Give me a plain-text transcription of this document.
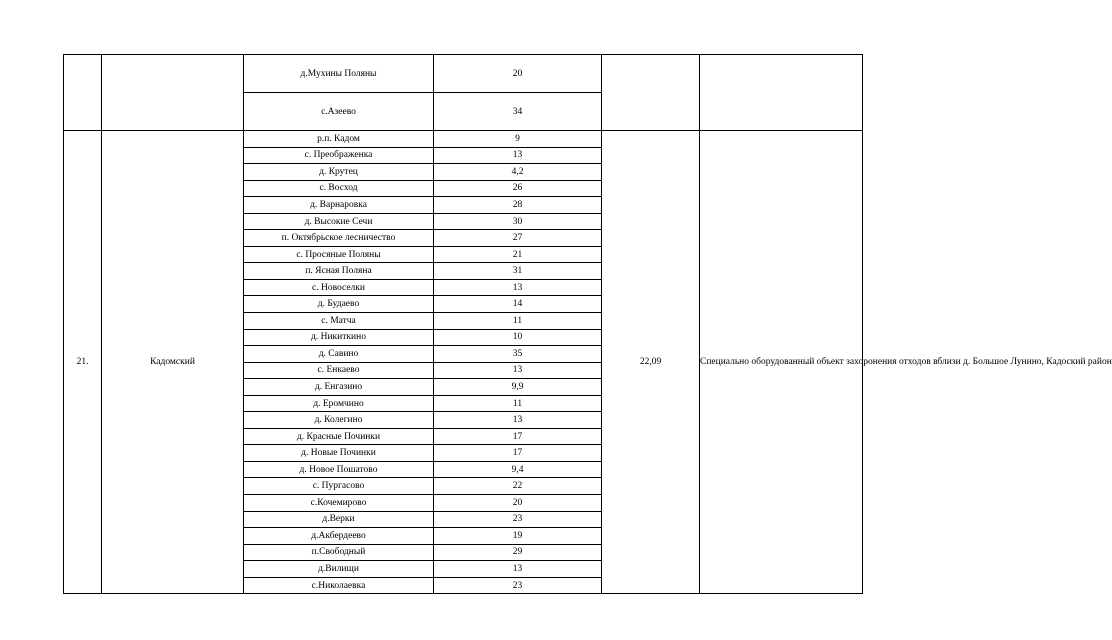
		д.Мухины Поляны	20		
		с.Азеево	34		
21.	Кадомский	р.п. Кадом	9	22,09	Специально оборудованный объект захоронения отходов вблизи д. Большое Лунино, Кадоский район
		с. Преображенка	13		
		д. Крутец	4,2		
		с. Восход	26		
		д. Варнаровка	28		
		д. Высокие Сечи	30		
		п. Октябрьское лесничество	27		
		с. Просяные Поляны	21		
		п. Ясная Поляна	31		
		с. Новоселки	13		
		д. Будаево	14		
		с. Матча	11		
		д. Никиткино	10		
		д. Савино	35		
		с. Енкаево	13		
		д. Енгазино	9,9		
		д. Еромчино	11		
		д. Колегино	13		
		д. Красные Починки	17		
		д. Новые Починки	17		
		д. Новое Пошатово	9,4		
		с. Пургасово	22		
		с.Кочемирово	20		
		д.Верки	23		
		д.Акбердеево	19		
		п.Свободный	29		
		д.Вилищи	13		
		с.Николаевка	23		
